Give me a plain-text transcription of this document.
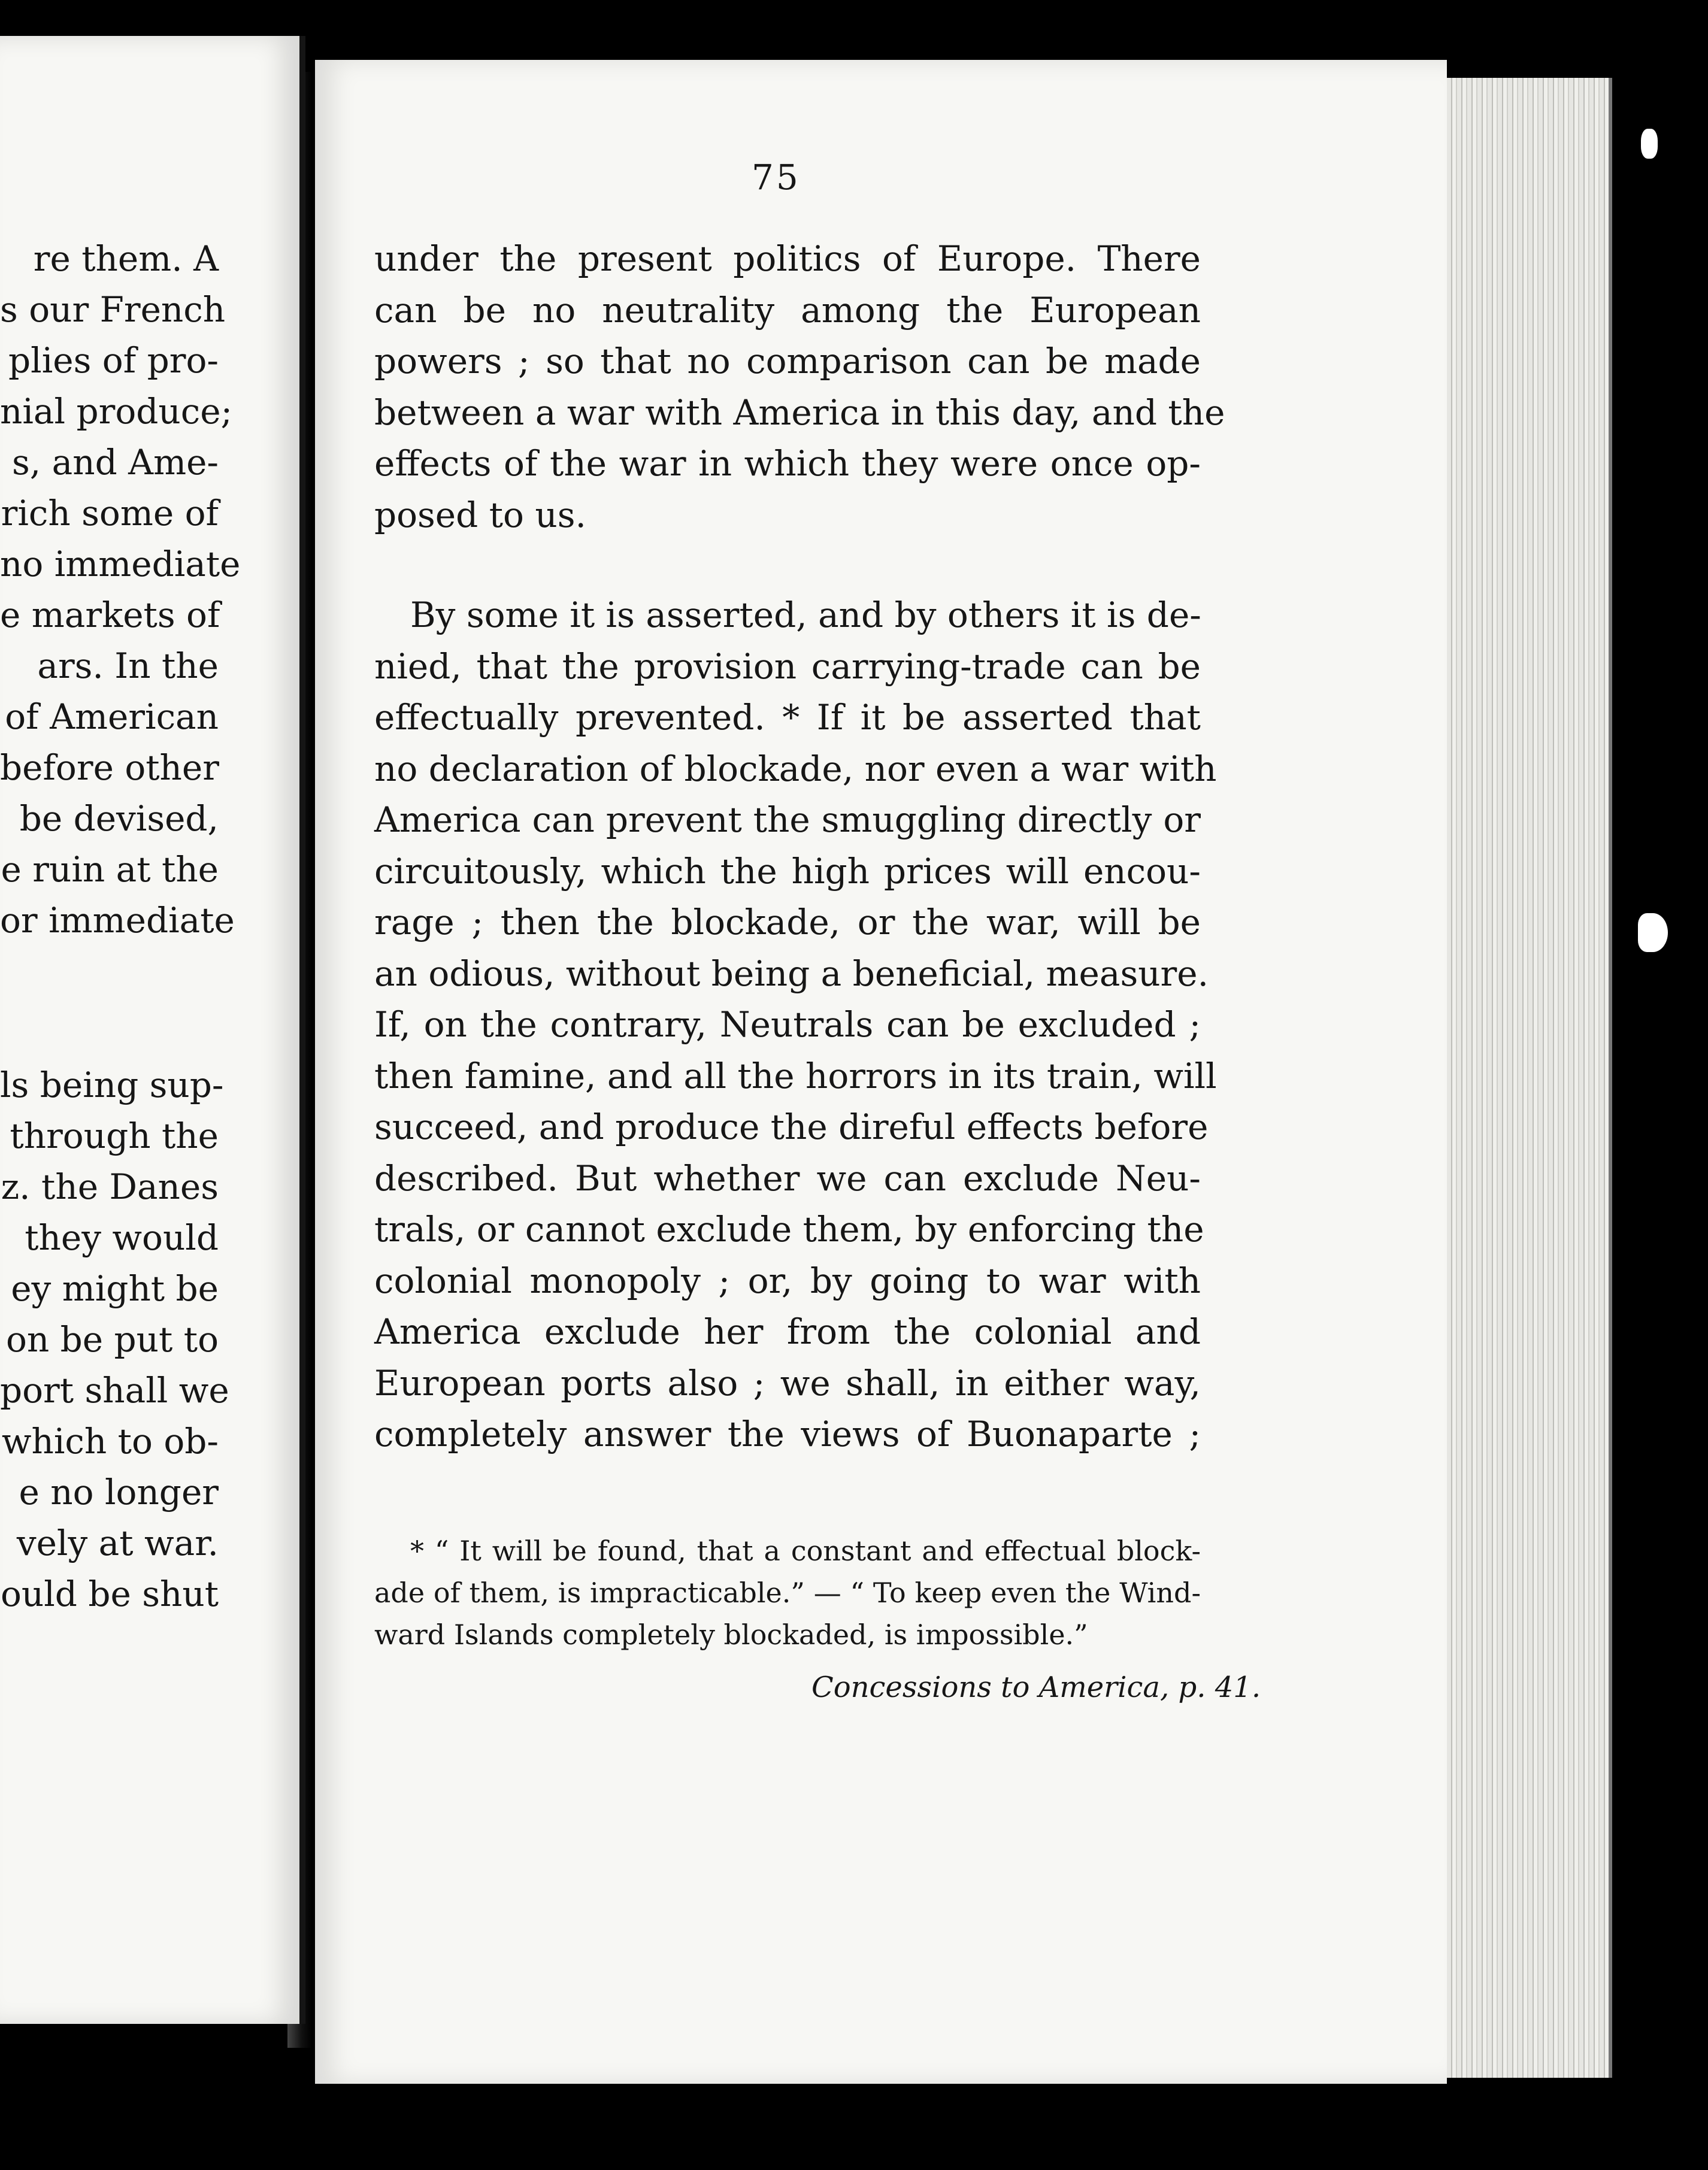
re them. A
s our French
plies of pro-
nial produce;
s, and Ame-
rich some of
no immediate
e markets of
ars. In the
of American
before other
be devised,
e ruin at the
or immediate
ls being sup-
through the
z. the Danes
they would
ey might be
on be put to
port shall we
which to ob-
e no longer
vely at war.
ould be shut
75
under the present politics of Europe. There
can be no neutrality among the European
powers ; so that no comparison can be made
between a war with America in this day, and the
effects of the war in which they were once op-
posed to us.
By some it is asserted, and by others it is de-
nied, that the provision carrying-trade can be
effectually prevented. * If it be asserted that
no declaration of blockade, nor even a war with
America can prevent the smuggling directly or
circuitously, which the high prices will encou-
rage ; then the blockade, or the war, will be
an odious, without being a beneficial, measure.
If, on the contrary, Neutrals can be excluded ;
then famine, and all the horrors in its train, will
succeed, and produce the direful effects before
described. But whether we can exclude Neu-
trals, or cannot exclude them, by enforcing the
colonial monopoly ; or, by going to war with
America exclude her from the colonial and
European ports also ; we shall, in either way,
completely answer the views of Buonaparte ;
* “ It will be found, that a constant and effectual block-
ade of them, is impracticable.” — “ To keep even the Wind-
ward Islands completely blockaded, is impossible.”
Concessions to America, p. 41.
